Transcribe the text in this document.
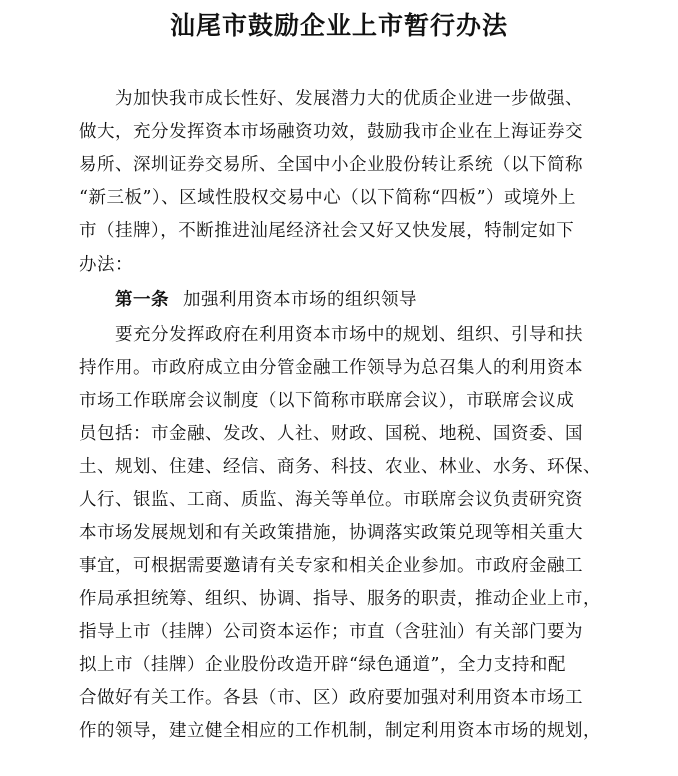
汕尾市鼓励企业上市暂行办法
　　为加快我市成长性好、发展潜力大的优质企业进一步做强、
做大，充分发挥资本市场融资功效，鼓励我市企业在上海证券交
易所、深圳证券交易所、全国中小企业股份转让系统（以下简称
“新三板”）、区域性股权交易中心（以下简称“四板”）或境外上
市（挂牌），不断推进汕尾经济社会又好又快发展，特制定如下
办法：
　　第一条 加强利用资本市场的组织领导
　　要充分发挥政府在利用资本市场中的规划、组织、引导和扶
持作用。市政府成立由分管金融工作领导为总召集人的利用资本
市场工作联席会议制度（以下简称市联席会议），市联席会议成
员包括：市金融、发改、人社、财政、国税、地税、国资委、国
土、规划、住建、经信、商务、科技、农业、林业、水务、环保、
人行、银监、工商、质监、海关等单位。市联席会议负责研究资
本市场发展规划和有关政策措施，协调落实政策兑现等相关重大
事宜，可根据需要邀请有关专家和相关企业参加。市政府金融工
作局承担统筹、组织、协调、指导、服务的职责，推动企业上市，
指导上市（挂牌）公司资本运作；市直（含驻汕）有关部门要为
拟上市（挂牌）企业股份改造开辟“绿色通道”，全力支持和配
合做好有关工作。各县（市、区）政府要加强对利用资本市场工
作的领导，建立健全相应的工作机制，制定利用资本市场的规划，
